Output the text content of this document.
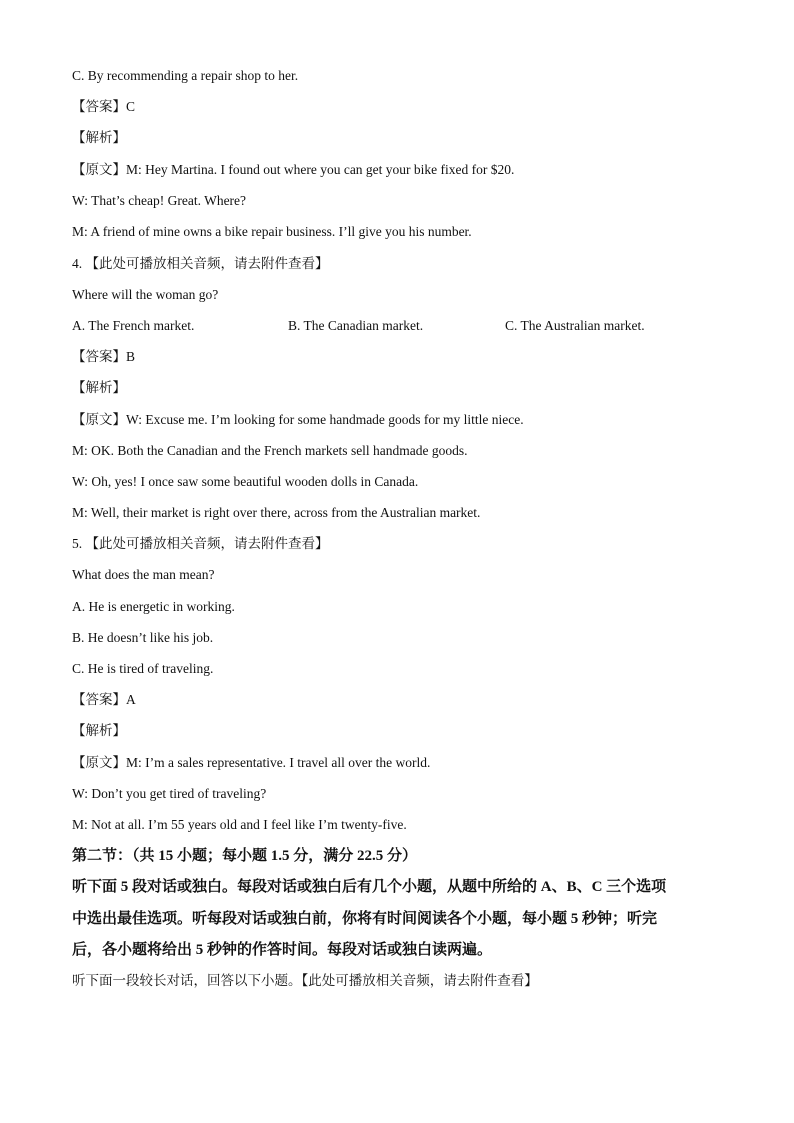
C. By recommending a repair shop to her.
【答案】C
【解析】
【原文】M: Hey Martina. I found out where you can get your bike fixed for $20.
W: That’s cheap! Great. Where?
M: A friend of mine owns a bike repair business. I’ll give you his number.
4. 【此处可播放相关音频，请去附件查看】
Where will the woman go?
A. The French market.	B. The Canadian market.	C. The Australian market.
【答案】B
【解析】
【原文】W: Excuse me. I’m looking for some handmade goods for my little niece.
M: OK. Both the Canadian and the French markets sell handmade goods.
W: Oh, yes! I once saw some beautiful wooden dolls in Canada.
M: Well, their market is right over there, across from the Australian market.
5. 【此处可播放相关音频，请去附件查看】
What does the man mean?
A. He is energetic in working.
B. He doesn’t like his job.
C. He is tired of traveling.
【答案】A
【解析】
【原文】M: I’m a sales representative. I travel all over the world.
W: Don’t you get tired of traveling?
M: Not at all. I’m 55 years old and I feel like I’m twenty-five.
第二节：（共 15 小题；每小题 1.5 分，满分 22.5 分）
听下面 5 段对话或独白。每段对话或独白后有几个小题，从题中所给的 A、B、C 三个选项
中选出最佳选项。听每段对话或独白前，你将有时间阅读各个小题，每小题 5 秒钟；听完
后，各小题将给出 5 秒钟的作答时间。每段对话或独白读两遍。
听下面一段较长对话，回答以下小题。【此处可播放相关音频，请去附件查看】
